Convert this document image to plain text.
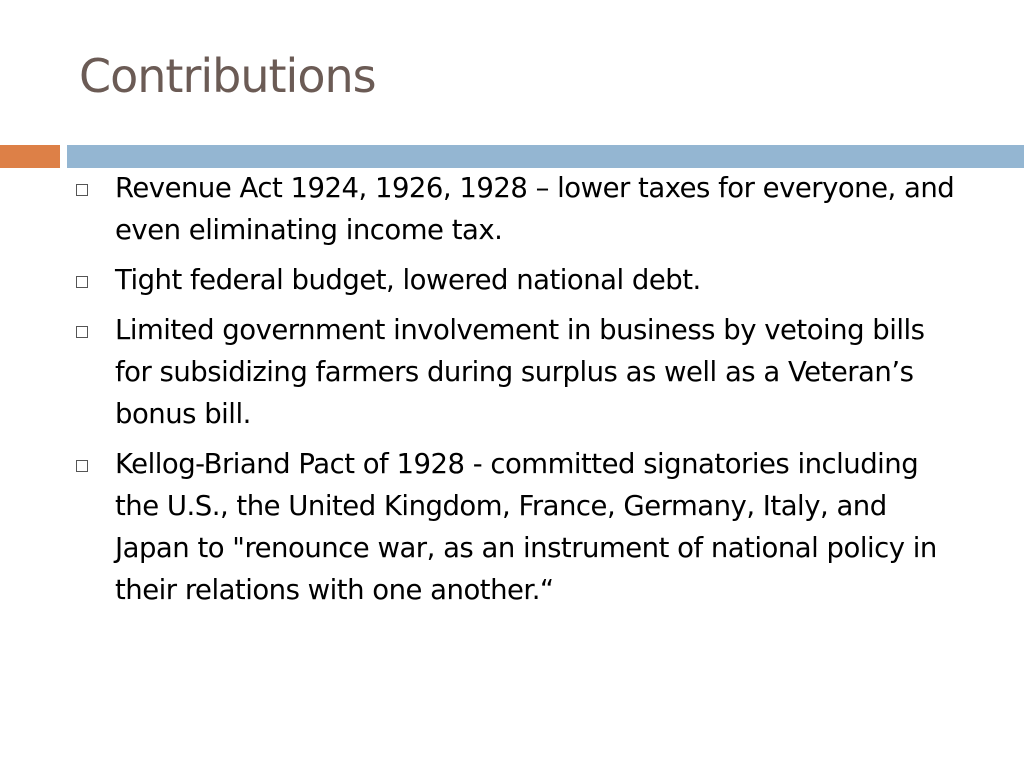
Contributions
Revenue Act 1924, 1926, 1928 – lower taxes for everyone, and even eliminating income tax.
Tight federal budget, lowered national debt.
Limited government involvement in business by vetoing bills for subsidizing farmers during surplus as well as a Veteran’s bonus bill.
Kellog-Briand Pact of 1928 - committed signatories including the U.S., the United Kingdom, France, Germany, Italy, and Japan to "renounce war, as an instrument of national policy in their relations with one another.“
